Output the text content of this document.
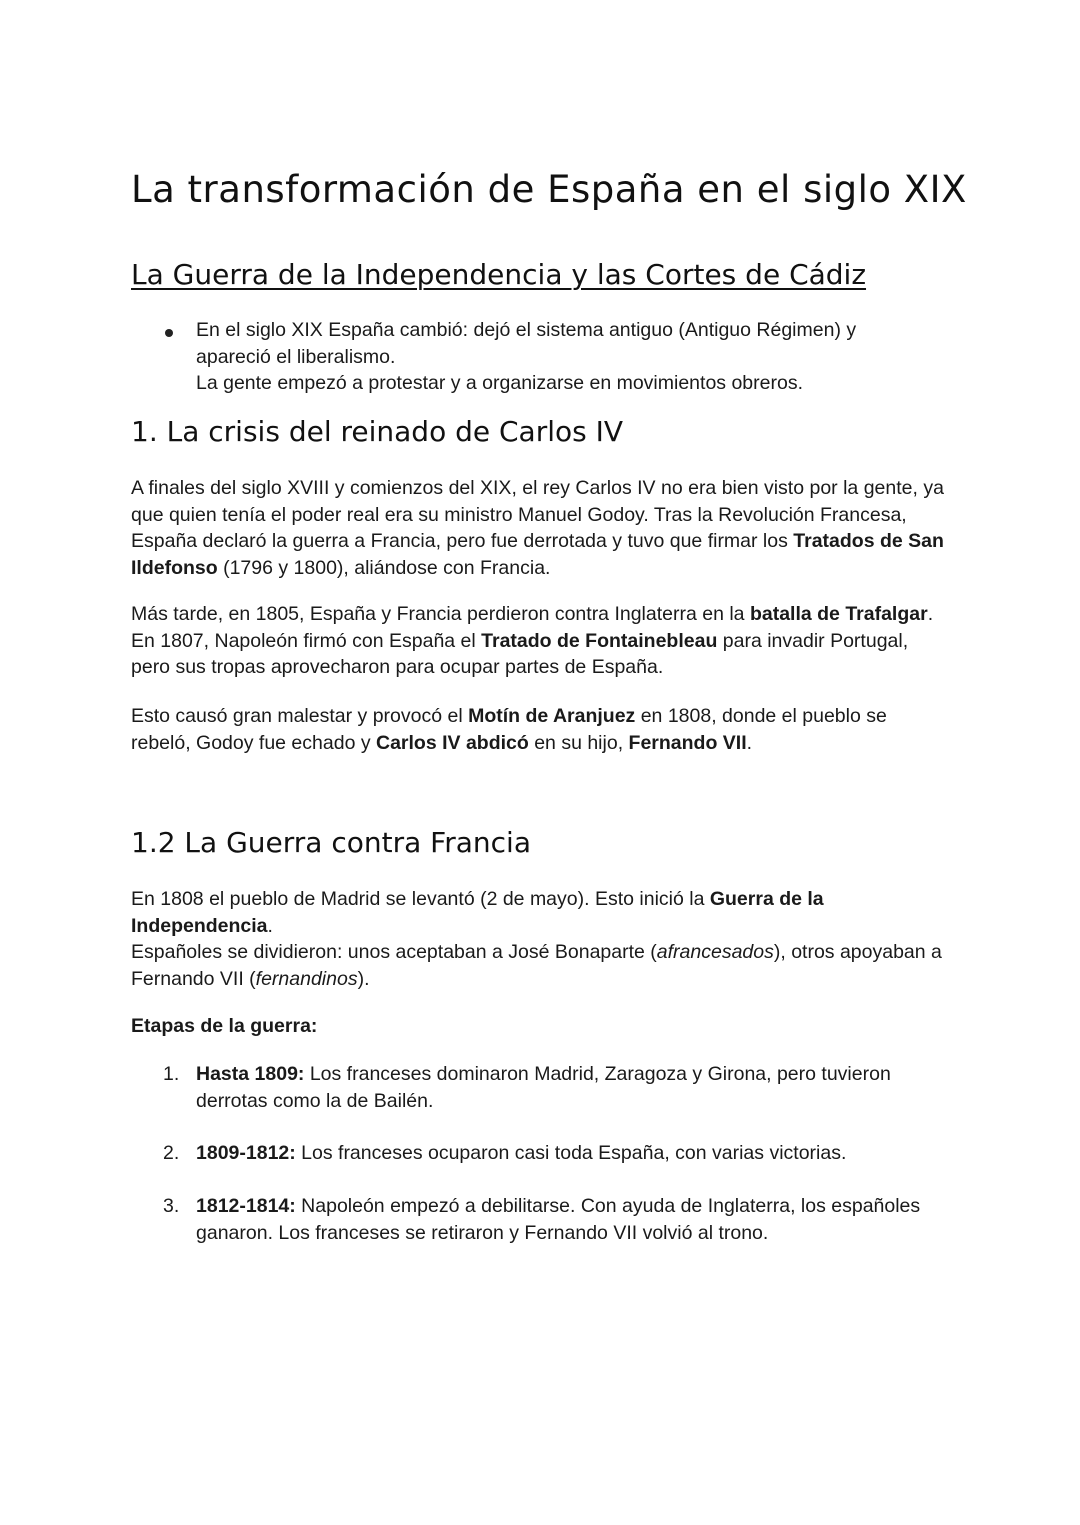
La transformación de España en el siglo XIX
La Guerra de la Independencia y las Cortes de Cádiz
En el siglo XIX España cambió: dejó el sistema antiguo (Antiguo Régimen) y apareció el liberalismo.
La gente empezó a protestar y a organizarse en movimientos obreros.
1. La crisis del reinado de Carlos IV

A finales del siglo XVIII y comienzos del XIX, el rey Carlos IV no era bien visto por la gente, ya que quien tenía el poder real era su ministro Manuel Godoy. Tras la Revolución Francesa, España declaró la guerra a Francia, pero fue derrotada y tuvo que firmar los Tratados de San Ildefonso (1796 y 1800), aliándose con Francia.

Más tarde, en 1805, España y Francia perdieron contra Inglaterra en la batalla de Trafalgar. En 1807, Napoleón firmó con España el Tratado de Fontainebleau para invadir Portugal, pero sus tropas aprovecharon para ocupar partes de España.

Esto causó gran malestar y provocó el Motín de Aranjuez en 1808, donde el pueblo se rebeló, Godoy fue echado y Carlos IV abdicó en su hijo, Fernando VII.

1.2 La Guerra contra Francia
En 1808 el pueblo de Madrid se levantó (2 de mayo). Esto inició la Guerra de la Independencia.
Españoles se dividieron: unos aceptaban a José Bonaparte (afrancesados), otros apoyaban a Fernando VII (fernandinos).

Etapas de la guerra:

1. Hasta 1809: Los franceses dominaron Madrid, Zaragoza y Girona, pero tuvieron derrotas como la de Bailén.
2. 1809-1812: Los franceses ocuparon casi toda España, con varias victorias.
3. 1812-1814: Napoleón empezó a debilitarse. Con ayuda de Inglaterra, los españoles ganaron. Los franceses se retiraron y Fernando VII volvió al trono.
